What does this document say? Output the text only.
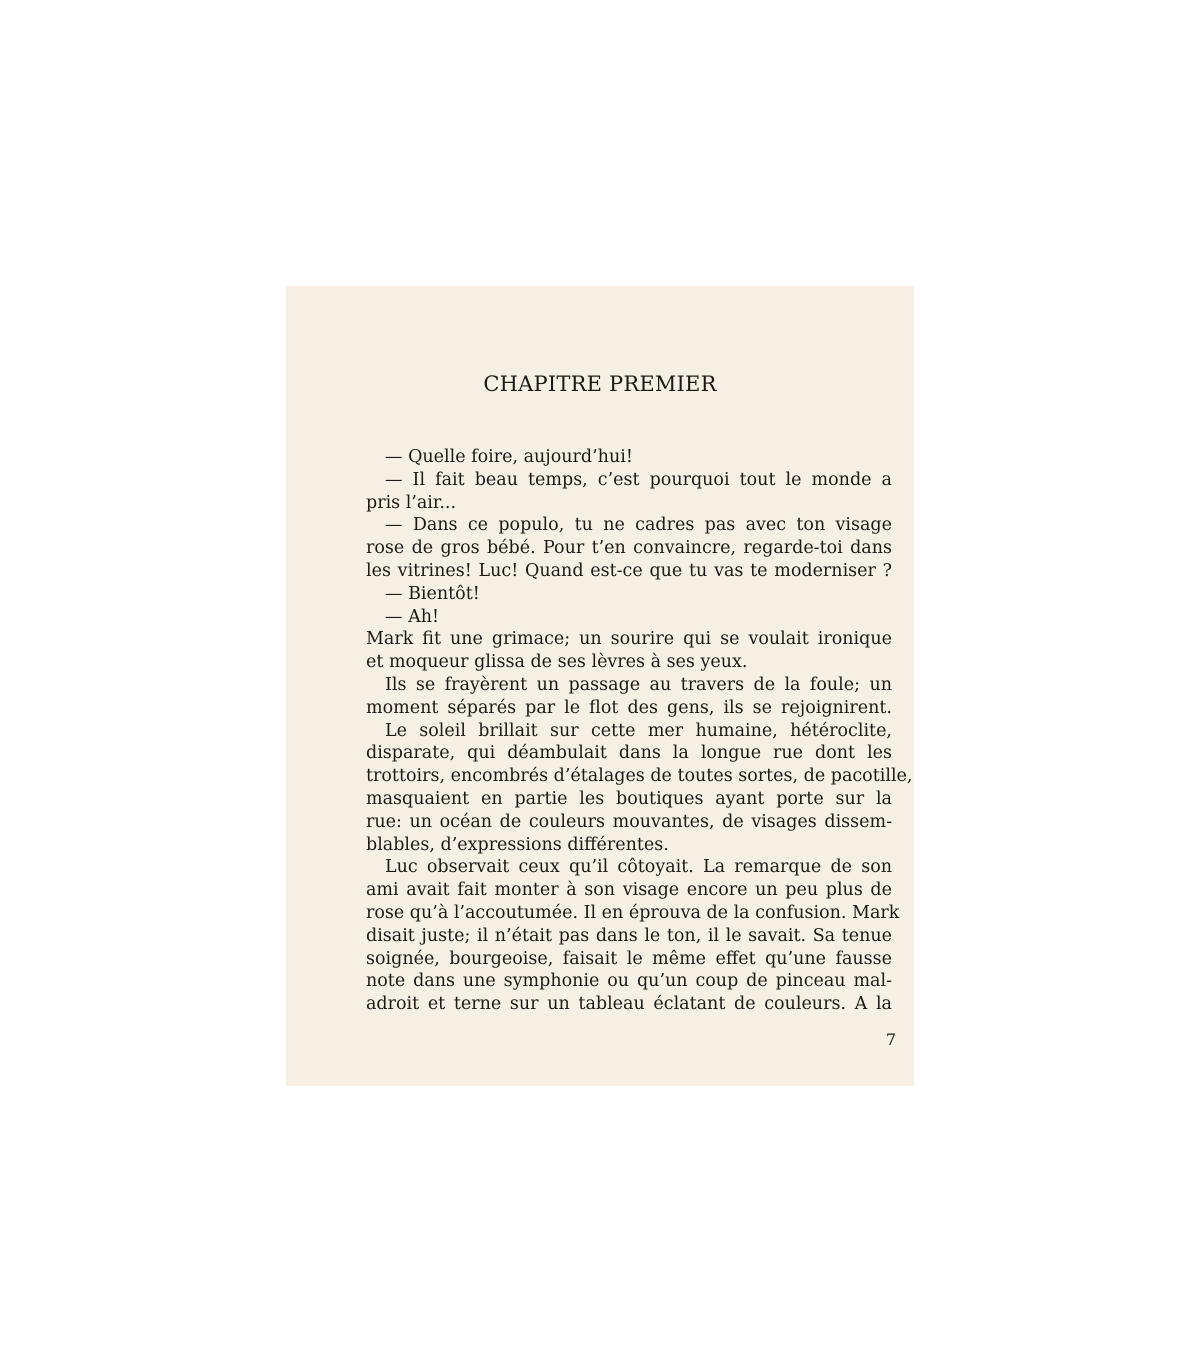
CHAPITRE PREMIER
— Quelle foire, aujourd’hui!
— Il fait beau temps, c’est pourquoi tout le monde a
pris l’air...
— Dans ce populo, tu ne cadres pas avec ton visage
rose de gros bébé. Pour t’en convaincre, regarde-toi dans
les vitrines! Luc! Quand est-ce que tu vas te moderniser ?
— Bientôt!
— Ah!
Mark fit une grimace; un sourire qui se voulait ironique
et moqueur glissa de ses lèvres à ses yeux.
Ils se frayèrent un passage au travers de la foule; un
moment séparés par le flot des gens, ils se rejoignirent.
Le soleil brillait sur cette mer humaine, hétéroclite,
disparate, qui déambulait dans la longue rue dont les
trottoirs, encombrés d’étalages de toutes sortes, de pacotille,
masquaient en partie les boutiques ayant porte sur la
rue: un océan de couleurs mouvantes, de visages dissem-
blables, d’expressions différentes.
Luc observait ceux qu’il côtoyait. La remarque de son
ami avait fait monter à son visage encore un peu plus de
rose qu’à l’accoutumée. Il en éprouva de la confusion. Mark
disait juste; il n’était pas dans le ton, il le savait. Sa tenue
soignée, bourgeoise, faisait le même effet qu’une fausse
note dans une symphonie ou qu’un coup de pinceau mal-
adroit et terne sur un tableau éclatant de couleurs. A la
7
